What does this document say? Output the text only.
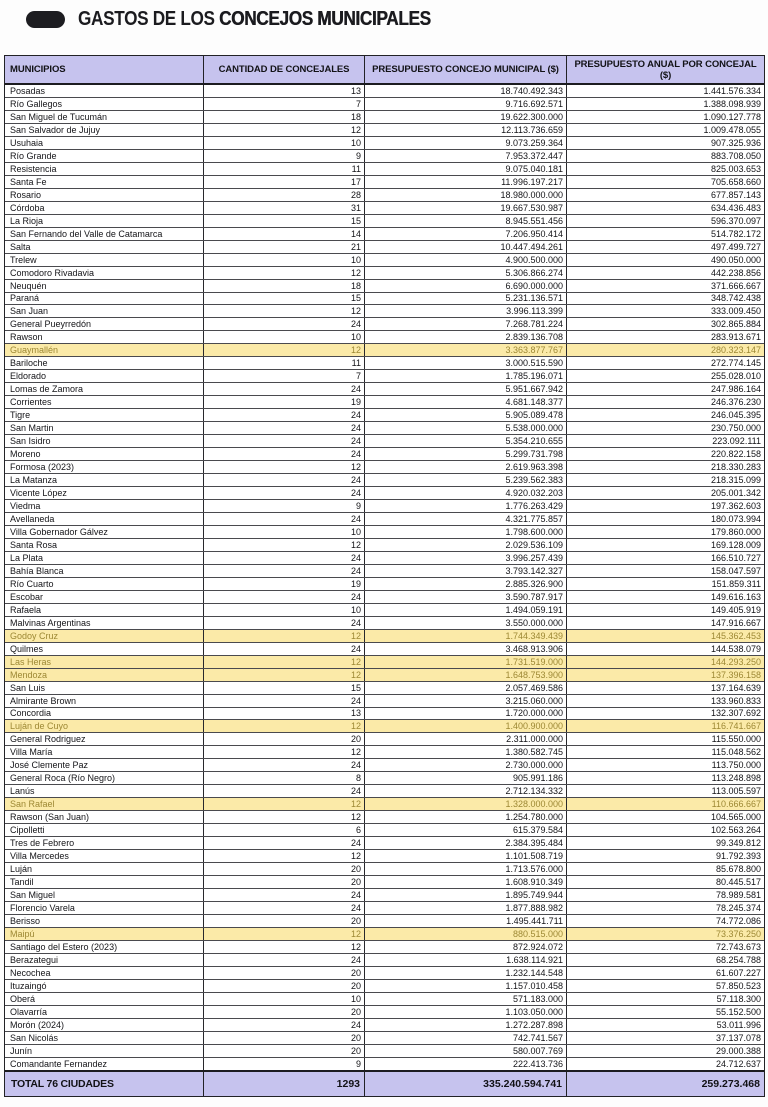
GASTOS DE LOS CONCEJOS MUNICIPALES
MUNICIPIOS	CANTIDAD DE CONCEJALES	PRESUPUESTO CONCEJO MUNICIPAL ($)	PRESUPUESTO ANUAL POR CONCEJAL ($)
Posadas	13	18.740.492.343	1.441.576.334
Río Gallegos	7	9.716.692.571	1.388.098.939
San Miguel de Tucumán	18	19.622.300.000	1.090.127.778
San Salvador de Jujuy	12	12.113.736.659	1.009.478.055
Usuhaia	10	9.073.259.364	907.325.936
Río Grande	9	7.953.372.447	883.708.050
Resistencia	11	9.075.040.181	825.003.653
Santa Fe	17	11.996.197.217	705.658.660
Rosario	28	18.980.000.000	677.857.143
Córdoba	31	19.667.530.987	634.436.483
La Rioja	15	8.945.551.456	596.370.097
San Fernando del Valle de Catamarca	14	7.206.950.414	514.782.172
Salta	21	10.447.494.261	497.499.727
Trelew	10	4.900.500.000	490.050.000
Comodoro Rivadavia	12	5.306.866.274	442.238.856
Neuquén	18	6.690.000.000	371.666.667
Paraná	15	5.231.136.571	348.742.438
San Juan	12	3.996.113.399	333.009.450
General Pueyrredón	24	7.268.781.224	302.865.884
Rawson	10	2.839.136.708	283.913.671
Guaymallén	12	3.363.877.767	280.323.147
Bariloche	11	3.000.515.590	272.774.145
Eldorado	7	1.785.196.071	255.028.010
Lomas de Zamora	24	5.951.667.942	247.986.164
Corrientes	19	4.681.148.377	246.376.230
Tigre	24	5.905.089.478	246.045.395
San Martin	24	5.538.000.000	230.750.000
San Isidro	24	5.354.210.655	223.092.111
Moreno	24	5.299.731.798	220.822.158
Formosa (2023)	12	2.619.963.398	218.330.283
La Matanza	24	5.239.562.383	218.315.099
Vicente López	24	4.920.032.203	205.001.342
Viedma	9	1.776.263.429	197.362.603
Avellaneda	24	4.321.775.857	180.073.994
Villa Gobernador Gálvez	10	1.798.600.000	179.860.000
Santa Rosa	12	2.029.536.109	169.128.009
La Plata	24	3.996.257.439	166.510.727
Bahía Blanca	24	3.793.142.327	158.047.597
Río Cuarto	19	2.885.326.900	151.859.311
Escobar	24	3.590.787.917	149.616.163
Rafaela	10	1.494.059.191	149.405.919
Malvinas Argentinas	24	3.550.000.000	147.916.667
Godoy Cruz	12	1.744.349.439	145.362.453
Quilmes	24	3.468.913.906	144.538.079
Las Heras	12	1.731.519.000	144.293.250
Mendoza	12	1.648.753.900	137.396.158
San Luis	15	2.057.469.586	137.164.639
Almirante Brown	24	3.215.060.000	133.960.833
Concordia	13	1.720.000.000	132.307.692
Luján de Cuyo	12	1.400.900.000	116.741.667
General Rodriguez	20	2.311.000.000	115.550.000
Villa María	12	1.380.582.745	115.048.562
José Clemente Paz	24	2.730.000.000	113.750.000
General Roca (Río Negro)	8	905.991.186	113.248.898
Lanús	24	2.712.134.332	113.005.597
San Rafael	12	1.328.000.000	110.666.667
Rawson (San Juan)	12	1.254.780.000	104.565.000
Cipolletti	6	615.379.584	102.563.264
Tres de Febrero	24	2.384.395.484	99.349.812
Villa Mercedes	12	1.101.508.719	91.792.393
Luján	20	1.713.576.000	85.678.800
Tandil	20	1.608.910.349	80.445.517
San Miguel	24	1.895.749.944	78.989.581
Florencio Varela	24	1.877.888.982	78.245.374
Berisso	20	1.495.441.711	74.772.086
Maipú	12	880.515.000	73.376.250
Santiago del Estero (2023)	12	872.924.072	72.743.673
Berazategui	24	1.638.114.921	68.254.788
Necochea	20	1.232.144.548	61.607.227
Ituzaingó	20	1.157.010.458	57.850.523
Oberá	10	571.183.000	57.118.300
Olavarría	20	1.103.050.000	55.152.500
Morón (2024)	24	1.272.287.898	53.011.996
San Nicolás	20	742.741.567	37.137.078
Junín	20	580.007.769	29.000.388
Comandante Fernandez	9	222.413.736	24.712.637
TOTAL 76 CIUDADES	1293	335.240.594.741	259.273.468
